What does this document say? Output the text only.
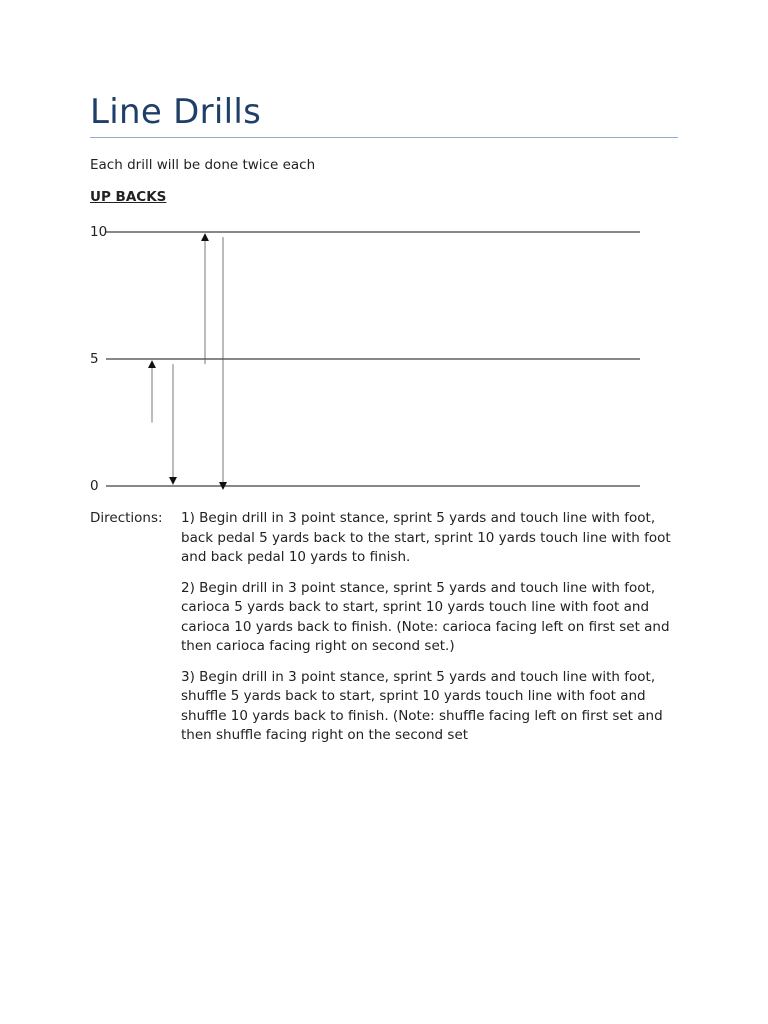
Line Drills
Each drill will be done twice each
UP BACKS
10
5
0
Directions: 1) Begin drill in 3 point stance, sprint 5 yards and touch line with foot, back pedal 5 yards back to the start, sprint 10 yards touch line with foot and back pedal 10 yards to finish.

2) Begin drill in 3 point stance, sprint 5 yards and touch line with foot, carioca 5 yards back to start, sprint 10 yards touch line with foot and carioca 10 yards back to finish. (Note: carioca facing left on first set and then carioca facing right on second set.)

3) Begin drill in 3 point stance, sprint 5 yards and touch line with foot, shuffle 5 yards back to start, sprint 10 yards touch line with foot and shuffle 10 yards back to finish. (Note: shuffle facing left on first set and then shuffle facing right on the second set
